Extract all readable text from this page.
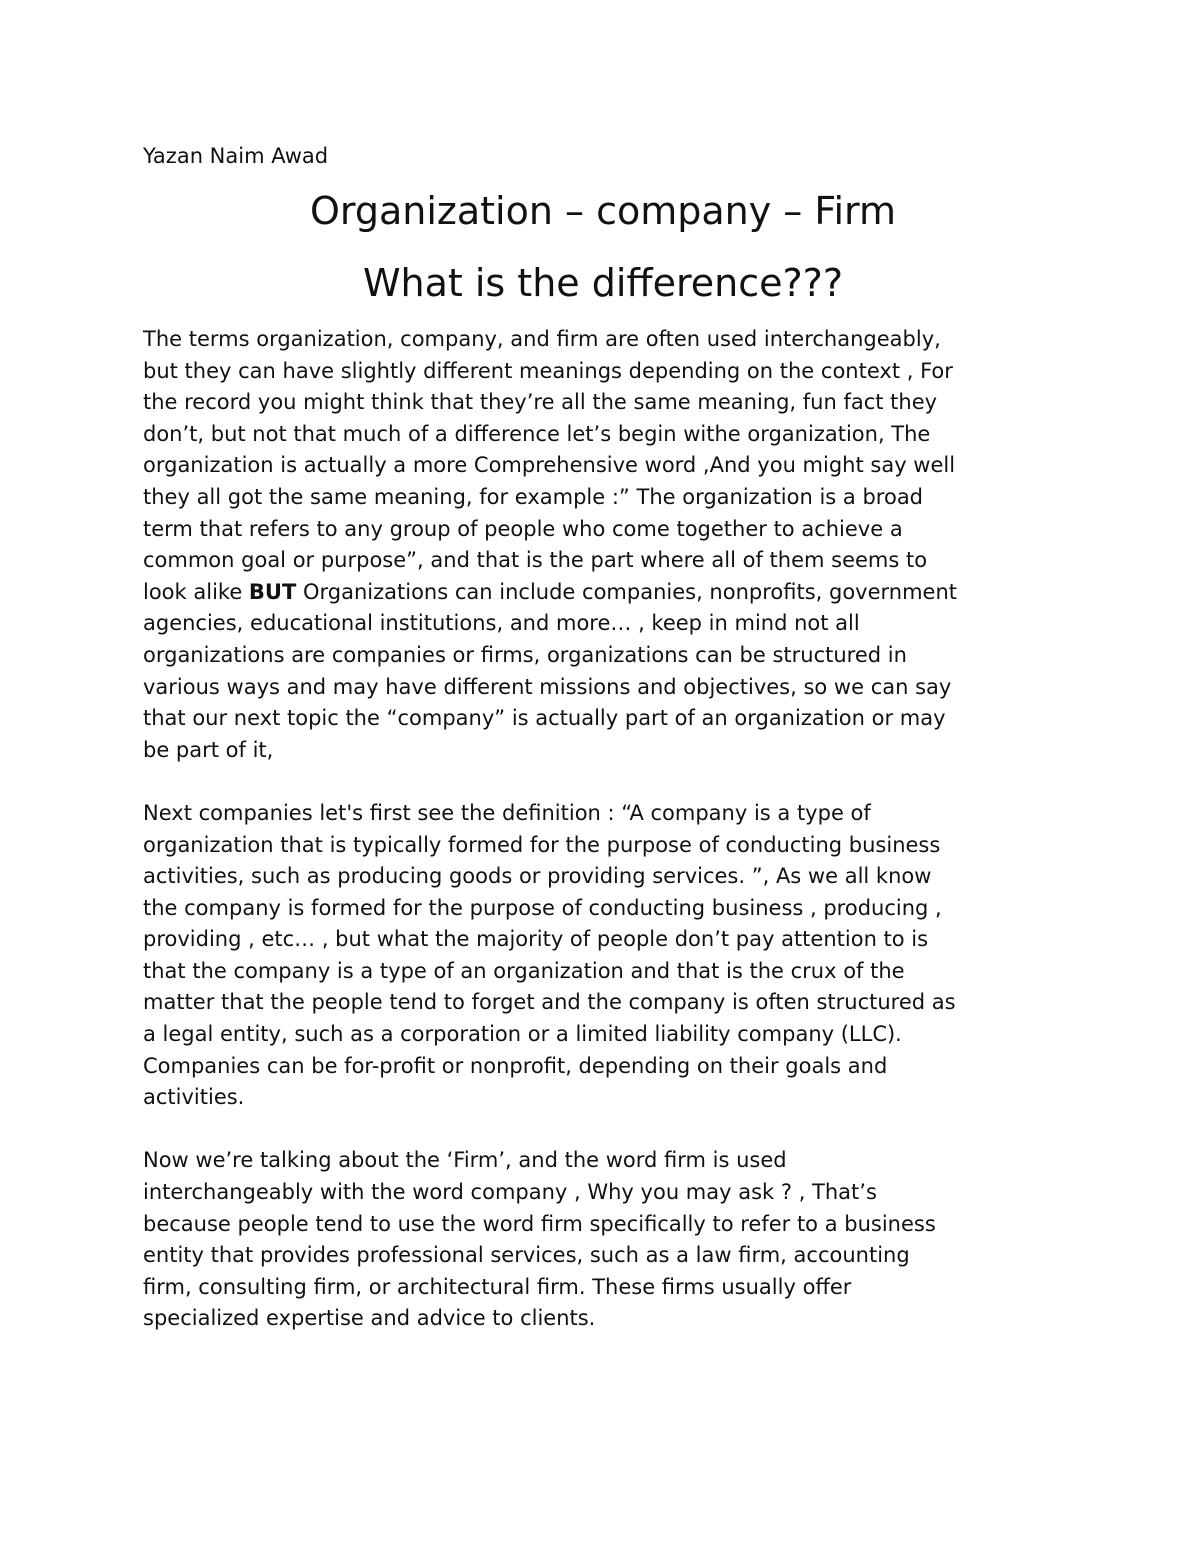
Yazan Naim Awad

Organization – company – Firm
What is the difference???

The terms organization, company, and firm are often used interchangeably,
but they can have slightly different meanings depending on the context , For
the record you might think that they’re all the same meaning, fun fact they
don’t, but not that much of a difference let’s begin withe organization, The
organization is actually a more Comprehensive word ,And you might say well
they all got the same meaning, for example :” The organization is a broad
term that refers to any group of people who come together to achieve a
common goal or purpose”, and that is the part where all of them seems to
look alike BUT Organizations can include companies, nonprofits, government
agencies, educational institutions, and more… , keep in mind not all
organizations are companies or firms, organizations can be structured in
various ways and may have different missions and objectives, so we can say
that our next topic the “company” is actually part of an organization or may
be part of it,

Next companies let's first see the definition : “A company is a type of
organization that is typically formed for the purpose of conducting business
activities, such as producing goods or providing services. ”, As we all know
the company is formed for the purpose of conducting business , producing ,
providing , etc… , but what the majority of people don’t pay attention to is
that the company is a type of an organization and that is the crux of the
matter that the people tend to forget and the company is often structured as
a legal entity, such as a corporation or a limited liability company (LLC).
Companies can be for-profit or nonprofit, depending on their goals and
activities.

Now we’re talking about the ‘Firm’, and the word firm is used
interchangeably with the word company , Why you may ask ? , That’s
because people tend to use the word firm specifically to refer to a business
entity that provides professional services, such as a law firm, accounting
firm, consulting firm, or architectural firm. These firms usually offer
specialized expertise and advice to clients.
